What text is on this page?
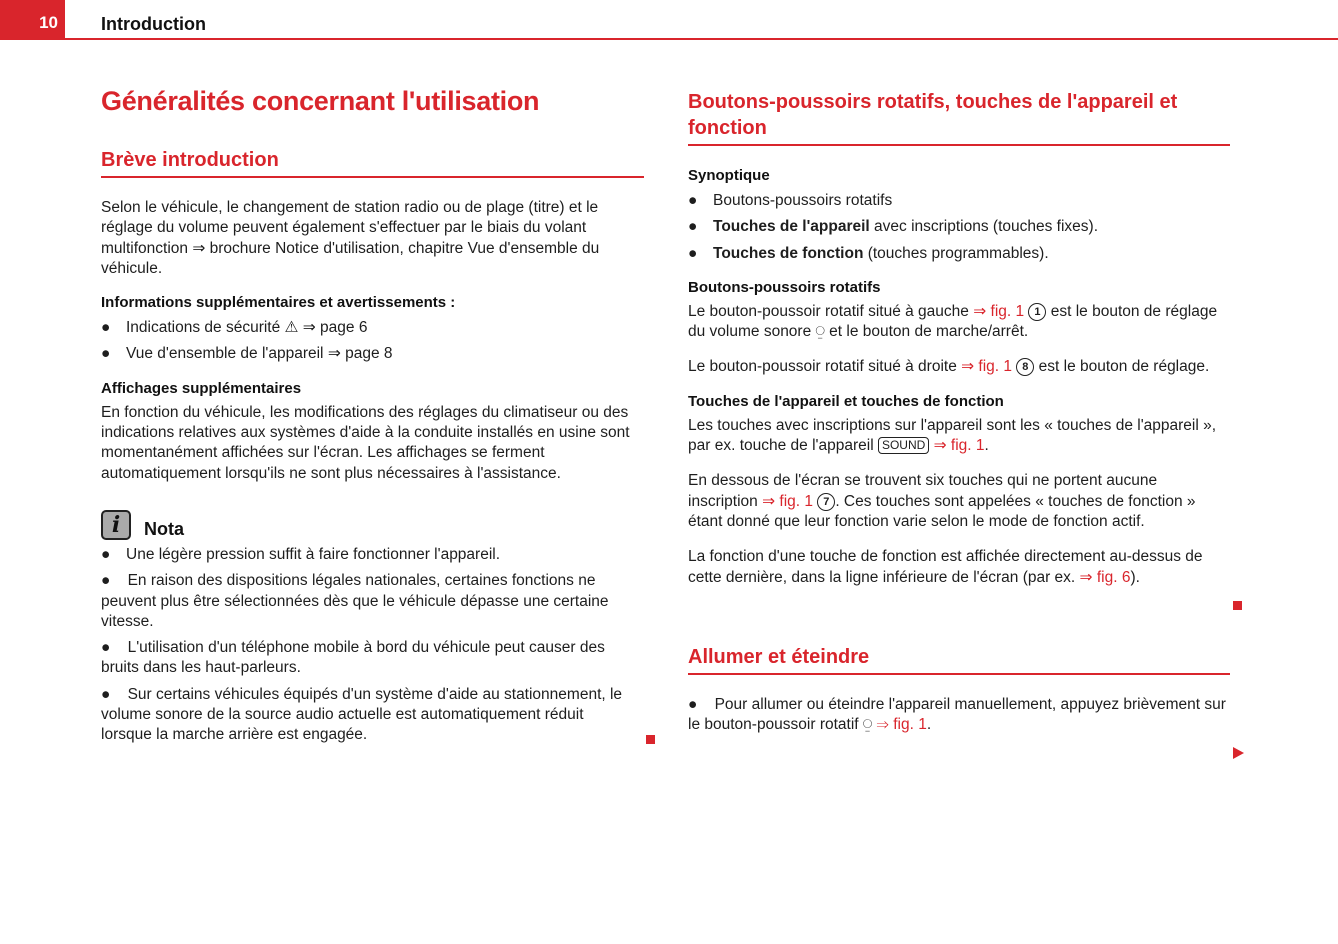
10	Introduction
Généralités concernant l'utilisation
Brève introduction

Selon le véhicule, le changement de station radio ou de plage (titre) et le réglage du volume peuvent également s'effectuer par le biais du volant multifonction ⇒ brochure Notice d'utilisation, chapitre Vue d'ensemble du véhicule.

Informations supplémentaires et avertissements :
● Indications de sécurité ⚠ ⇒ page 6
● Vue d'ensemble de l'appareil ⇒ page 8
Affichages supplémentaires

En fonction du véhicule, les modifications des réglages du climatiseur ou des indications relatives aux systèmes d'aide à la conduite installés en usine sont momentanément affichées sur l'écran. Les affichages se ferment automatiquement lorsqu'ils ne sont plus nécessaires à l'assistance.

i	Nota
● Une légère pression suffit à faire fonctionner l'appareil.

●    En raison des dispositions légales nationales, certaines fonctions ne peuvent plus être sélectionnées dès que le véhicule dépasse une certaine vitesse.

●    L'utilisation d'un téléphone mobile à bord du véhicule peut causer des bruits dans les haut-parleurs.

●    Sur certains véhicules équipés d'un système d'aide au stationnement, le volume sonore de la source audio actuelle est automatiquement réduit lorsque la marche arrière est engagée.

Boutons-poussoirs rotatifs, touches de l'appareil et fonction
Synoptique
● Boutons-poussoirs rotatifs
● Touches de l'appareil avec inscriptions (touches fixes).
● Touches de fonction (touches programmables).
Boutons-poussoirs rotatifs

Le bouton-poussoir rotatif situé à gauche ⇒ fig. 1 1 est le bouton de réglage du volume sonore ⍜ et le bouton de marche/arrêt.

Le bouton-poussoir rotatif situé à droite ⇒ fig. 1 8 est le bouton de réglage.

Touches de l'appareil et touches de fonction

Les touches avec inscriptions sur l'appareil sont les « touches de l'appareil », par ex. touche de l'appareil SOUND ⇒ fig. 1.

En dessous de l'écran se trouvent six touches qui ne portent aucune inscription ⇒ fig. 1 7 . Ces touches sont appelées « touches de fonction » étant donné que leur fonction varie selon le mode de fonction actif.

La fonction d'une touche de fonction est affichée directement au-dessus de cette dernière, dans la ligne inférieure de l'écran (par ex. ⇒ fig. 6).

Allumer et éteindre

●    Pour allumer ou éteindre l'appareil manuellement, appuyez brièvement sur le bouton-poussoir rotatif ⍜ ⇒ fig. 1.
